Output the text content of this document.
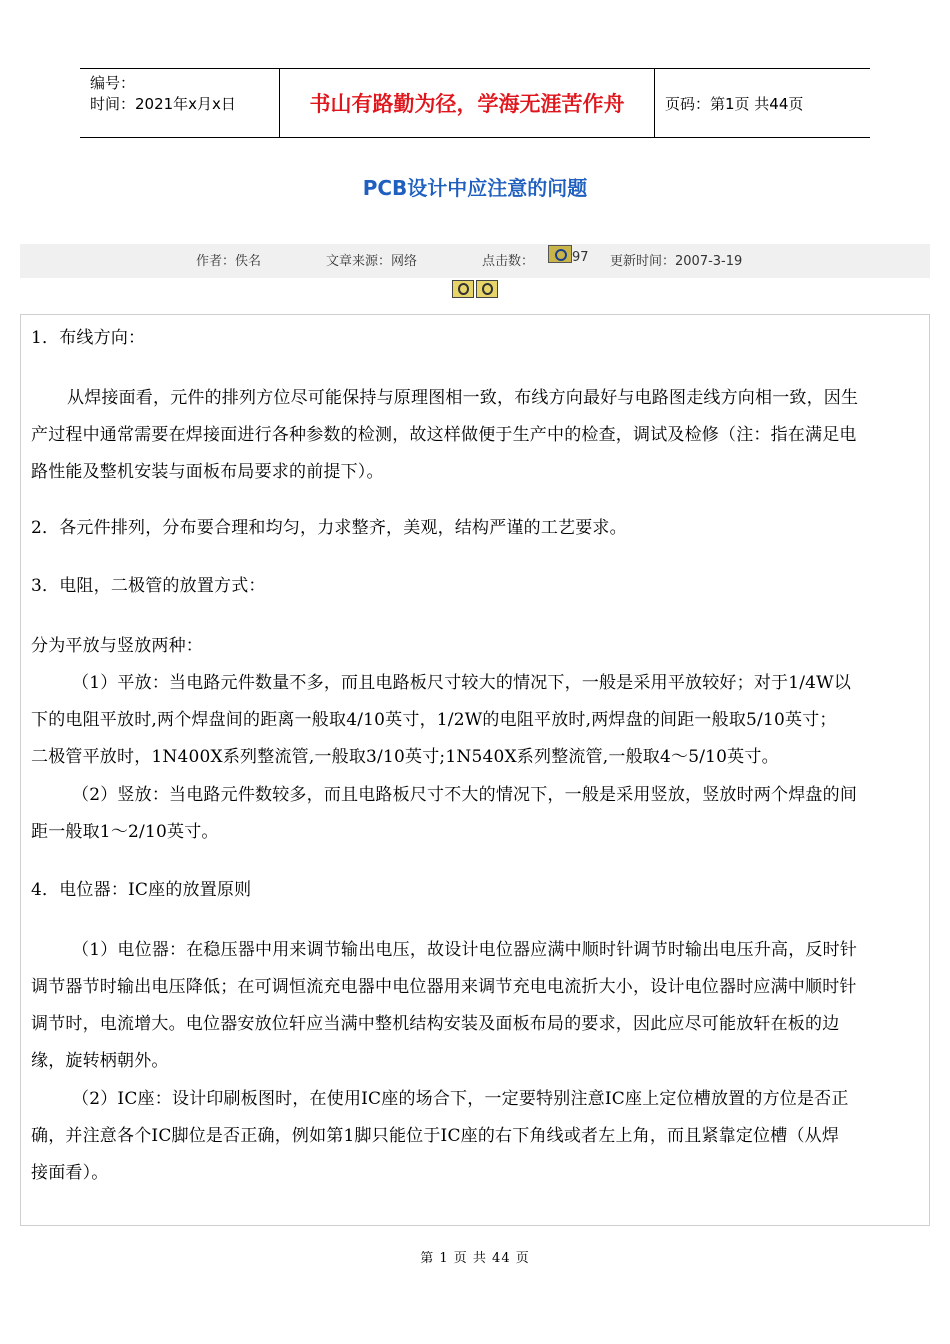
编号：
时间：2021年x月x日	书山有路勤为径，学海无涯苦作舟	页码：第1页 共44页
PCB设计中应注意的问题
作者：佚名	文章来源：网络	点击数：	97 更新时间：2007-3-19
1．布线方向：
从焊接面看，元件的排列方位尽可能保持与原理图相一致，布线方向最好与电路图走线方向相一致，因生
产过程中通常需要在焊接面进行各种参数的检测，故这样做便于生产中的检查，调试及检修（注：指在满足电
路性能及整机安装与面板布局要求的前提下）。
2．各元件排列，分布要合理和均匀，力求整齐，美观，结构严谨的工艺要求。
3．电阻，二极管的放置方式：
分为平放与竖放两种：
（1）平放：当电路元件数量不多，而且电路板尺寸较大的情况下，一般是采用平放较好；对于1/4W以
下的电阻平放时,两个焊盘间的距离一般取4/10英寸，1/2W的电阻平放时,两焊盘的间距一般取5/10英寸；
二极管平放时，1N400X系列整流管,一般取3/10英寸;1N540X系列整流管,一般取4～5/10英寸。
（2）竖放：当电路元件数较多，而且电路板尺寸不大的情况下，一般是采用竖放，竖放时两个焊盘的间
距一般取1～2/10英寸。
4．电位器：IC座的放置原则
（1）电位器：在稳压器中用来调节输出电压，故设计电位器应满中顺时针调节时输出电压升高，反时针
调节器节时输出电压降低；在可调恒流充电器中电位器用来调节充电电流折大小，设计电位器时应满中顺时针
调节时，电流增大。电位器安放位轩应当满中整机结构安装及面板布局的要求，因此应尽可能放轩在板的边
缘，旋转柄朝外。
（2）IC座：设计印刷板图时，在使用IC座的场合下，一定要特别注意IC座上定位槽放置的方位是否正
确，并注意各个IC脚位是否正确，例如第1脚只能位于IC座的右下角线或者左上角，而且紧靠定位槽（从焊
接面看）。
第 1 页 共 44 页
